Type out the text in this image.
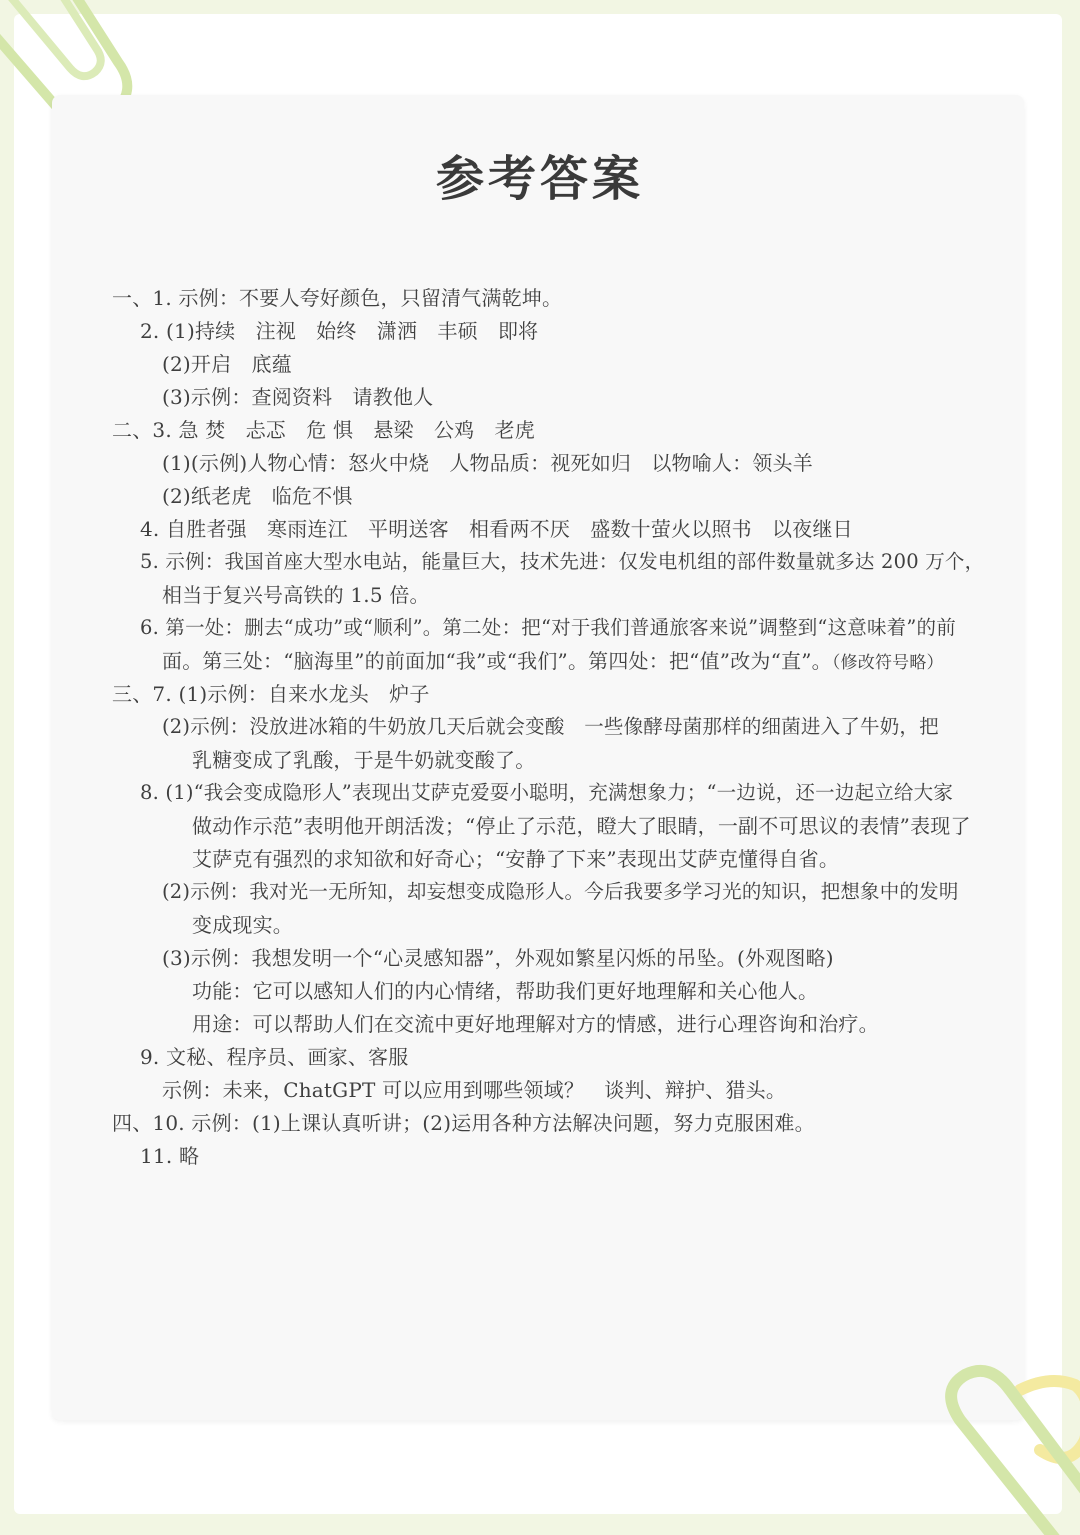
参考答案
一、1. 示例：不要人夸好颜色，只留清气满乾坤。
2. (1)持续　注视　始终　潇洒　丰硕　即将
(2)开启　底蕴
(3)示例：查阅资料　请教他人
二、3. 急 焚　忐忑　危 惧　悬梁　公鸡　老虎
(1)(示例)人物心情：怒火中烧　人物品质：视死如归　以物喻人：领头羊
(2)纸老虎　临危不惧
4. 自胜者强　寒雨连江　平明送客　相看两不厌　盛数十萤火以照书　以夜继日
5. 示例：我国首座大型水电站，能量巨大，技术先进：仅发电机组的部件数量就多达 200 万个，
相当于复兴号高铁的 1.5 倍。
6. 第一处：删去“成功”或“顺利”。第二处：把“对于我们普通旅客来说”调整到“这意味着”的前
面。第三处：“脑海里”的前面加“我”或“我们”。第四处：把“值”改为“直”。（修改符号略）
三、7. (1)示例：自来水龙头　炉子
(2)示例：没放进冰箱的牛奶放几天后就会变酸　一些像酵母菌那样的细菌进入了牛奶，把
乳糖变成了乳酸，于是牛奶就变酸了。
8. (1)“我会变成隐形人”表现出艾萨克爱耍小聪明，充满想象力；“一边说，还一边起立给大家
做动作示范”表明他开朗活泼；“停止了示范，瞪大了眼睛，一副不可思议的表情”表现了
艾萨克有强烈的求知欲和好奇心；“安静了下来”表现出艾萨克懂得自省。
(2)示例：我对光一无所知，却妄想变成隐形人。今后我要多学习光的知识，把想象中的发明
变成现实。
(3)示例：我想发明一个“心灵感知器”，外观如繁星闪烁的吊坠。(外观图略)
功能：它可以感知人们的内心情绪，帮助我们更好地理解和关心他人。
用途：可以帮助人们在交流中更好地理解对方的情感，进行心理咨询和治疗。
9. 文秘、程序员、画家、客服
示例：未来，ChatGPT 可以应用到哪些领域？　谈判、辩护、猎头。
四、10. 示例：(1)上课认真听讲；(2)运用各种方法解决问题，努力克服困难。
11. 略
